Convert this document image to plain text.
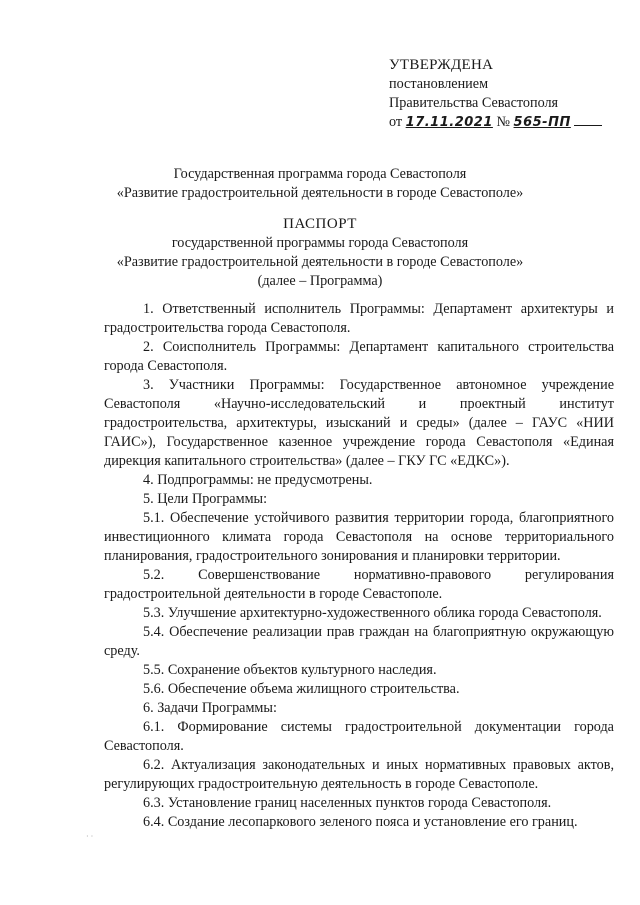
УТВЕРЖДЕНА
постановлением
Правительства Севастополя
от 17.11.2021 № 565-ПП
Государственная программа города Севастополя
«Развитие градостроительной деятельности в городе Севастополе»
ПАСПОРТ
государственной программы города Севастополя
«Развитие градостроительной деятельности в городе Севастополе»
(далее – Программа)

1. Ответственный исполнитель Программы: Департамент архитектуры и градостроительства города Севастополя.

2. Соисполнитель Программы: Департамент капитального строительства города Севастополя.

3. Участники Программы: Государственное автономное учреждение Севастополя «Научно-исследовательский и проектный институт градостроительства, архитектуры, изысканий и среды» (далее – ГАУС «НИИ ГАИС»), Государственное казенное учреждение города Севастополя «Единая дирекция капитального строительства» (далее – ГКУ ГС «ЕДКС»).

4. Подпрограммы: не предусмотрены.

5. Цели Программы:

5.1. Обеспечение устойчивого развития территории города, благоприятного инвестиционного климата города Севастополя на основе территориального планирования, градостроительного зонирования и планировки территории.

5.2. Совершенствование нормативно-правового регулирования градостроительной деятельности в городе Севастополе.

5.3. Улучшение архитектурно-художественного облика города Севастополя.

5.4. Обеспечение реализации прав граждан на благоприятную окружающую среду.

5.5. Сохранение объектов культурного наследия.

5.6. Обеспечение объема жилищного строительства.

6. Задачи Программы:

6.1. Формирование системы градостроительной документации города Севастополя.

6.2. Актуализация законодательных и иных нормативных правовых актов, регулирующих градостроительную деятельность в городе Севастополе.

6.3. Установление границ населенных пунктов города Севастополя.

6.4. Создание лесопаркового зеленого пояса и установление его границ.

· ·
